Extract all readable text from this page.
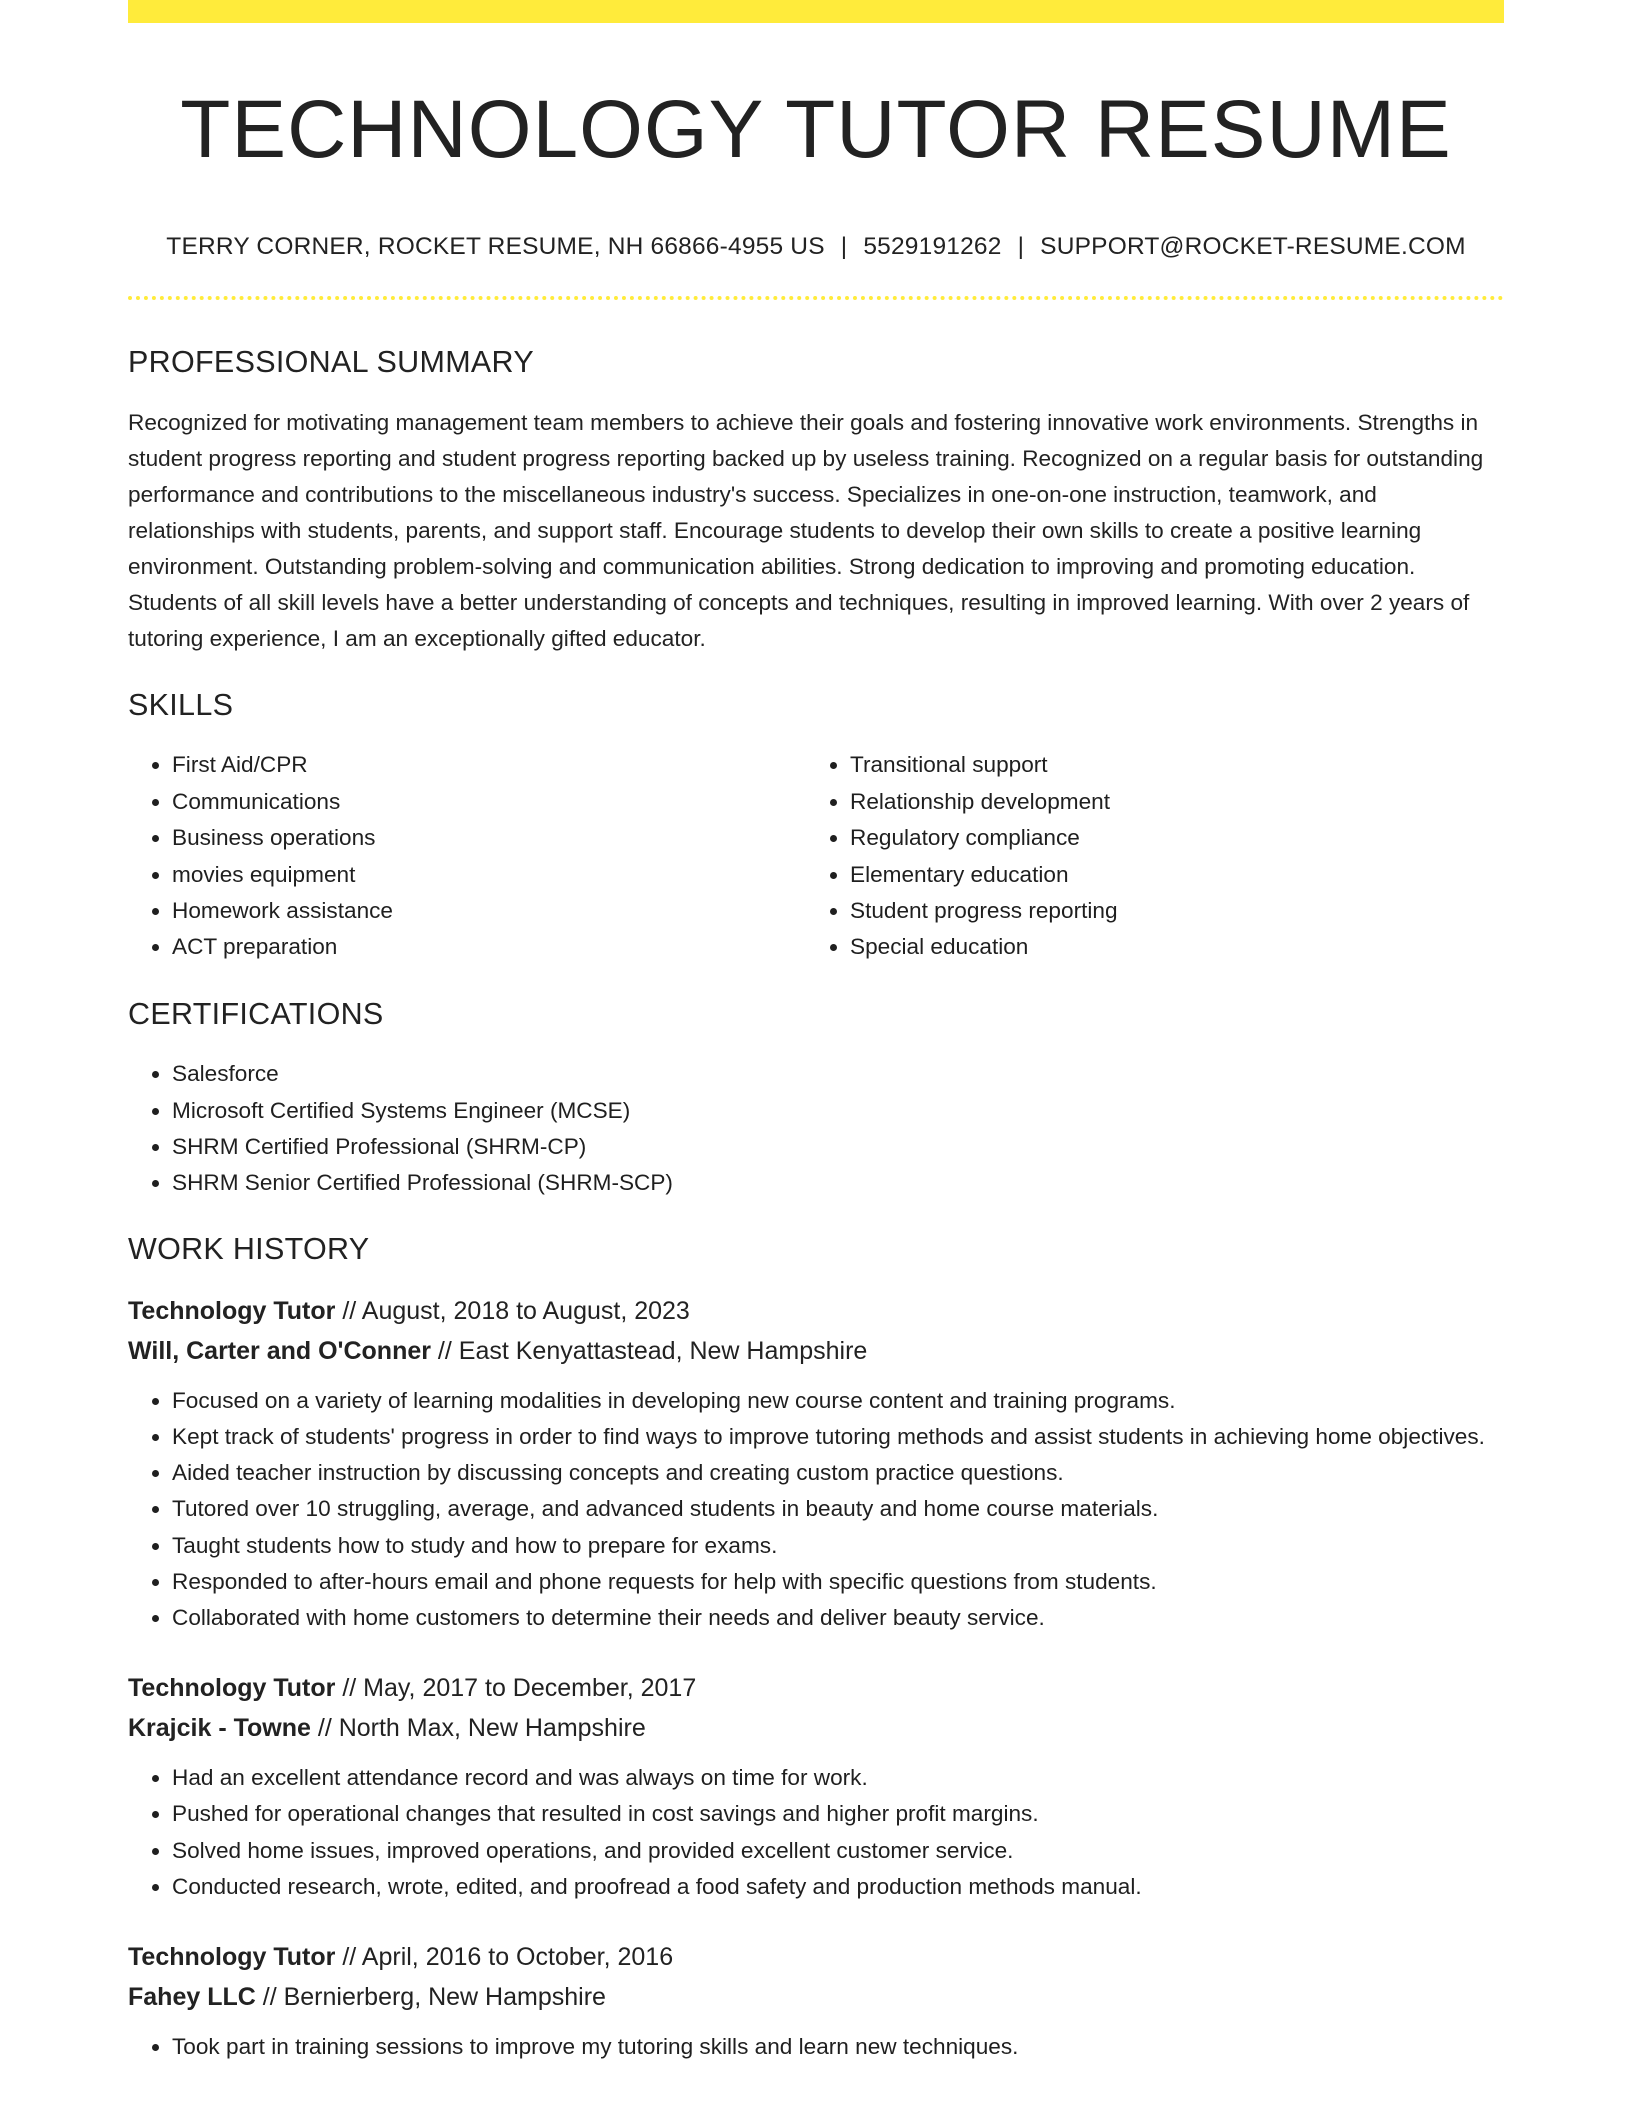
TECHNOLOGY TUTOR RESUME
TERRY CORNER, ROCKET RESUME, NH 66866-4955 US | 5529191262 | SUPPORT@ROCKET-RESUME.COM
PROFESSIONAL SUMMARY
Recognized for motivating management team members to achieve their goals and fostering innovative work environments. Strengths in student progress reporting and student progress reporting backed up by useless training. Recognized on a regular basis for outstanding performance and contributions to the miscellaneous industry's success. Specializes in one-on-one instruction, teamwork, and relationships with students, parents, and support staff. Encourage students to develop their own skills to create a positive learning environment. Outstanding problem-solving and communication abilities. Strong dedication to improving and promoting education. Students of all skill levels have a better understanding of concepts and techniques, resulting in improved learning. With over 2 years of tutoring experience, I am an exceptionally gifted educator.
SKILLS
• First Aid/CPR
• Communications
• Business operations
• movies equipment
• Homework assistance
• ACT preparation
• Transitional support
• Relationship development
• Regulatory compliance
• Elementary education
• Student progress reporting
• Special education
CERTIFICATIONS
• Salesforce
• Microsoft Certified Systems Engineer (MCSE)
• SHRM Certified Professional (SHRM-CP)
• SHRM Senior Certified Professional (SHRM-SCP)
WORK HISTORY
Technology Tutor // August, 2018 to August, 2023
Will, Carter and O'Conner // East Kenyattastead, New Hampshire
• Focused on a variety of learning modalities in developing new course content and training programs.
• Kept track of students' progress in order to find ways to improve tutoring methods and assist students in achieving home objectives.
• Aided teacher instruction by discussing concepts and creating custom practice questions.
• Tutored over 10 struggling, average, and advanced students in beauty and home course materials.
• Taught students how to study and how to prepare for exams.
• Responded to after-hours email and phone requests for help with specific questions from students.
• Collaborated with home customers to determine their needs and deliver beauty service.
Technology Tutor // May, 2017 to December, 2017
Krajcik - Towne // North Max, New Hampshire
• Had an excellent attendance record and was always on time for work.
• Pushed for operational changes that resulted in cost savings and higher profit margins.
• Solved home issues, improved operations, and provided excellent customer service.
• Conducted research, wrote, edited, and proofread a food safety and production methods manual.
Technology Tutor // April, 2016 to October, 2016
Fahey LLC // Bernierberg, New Hampshire
• Took part in training sessions to improve my tutoring skills and learn new techniques.
